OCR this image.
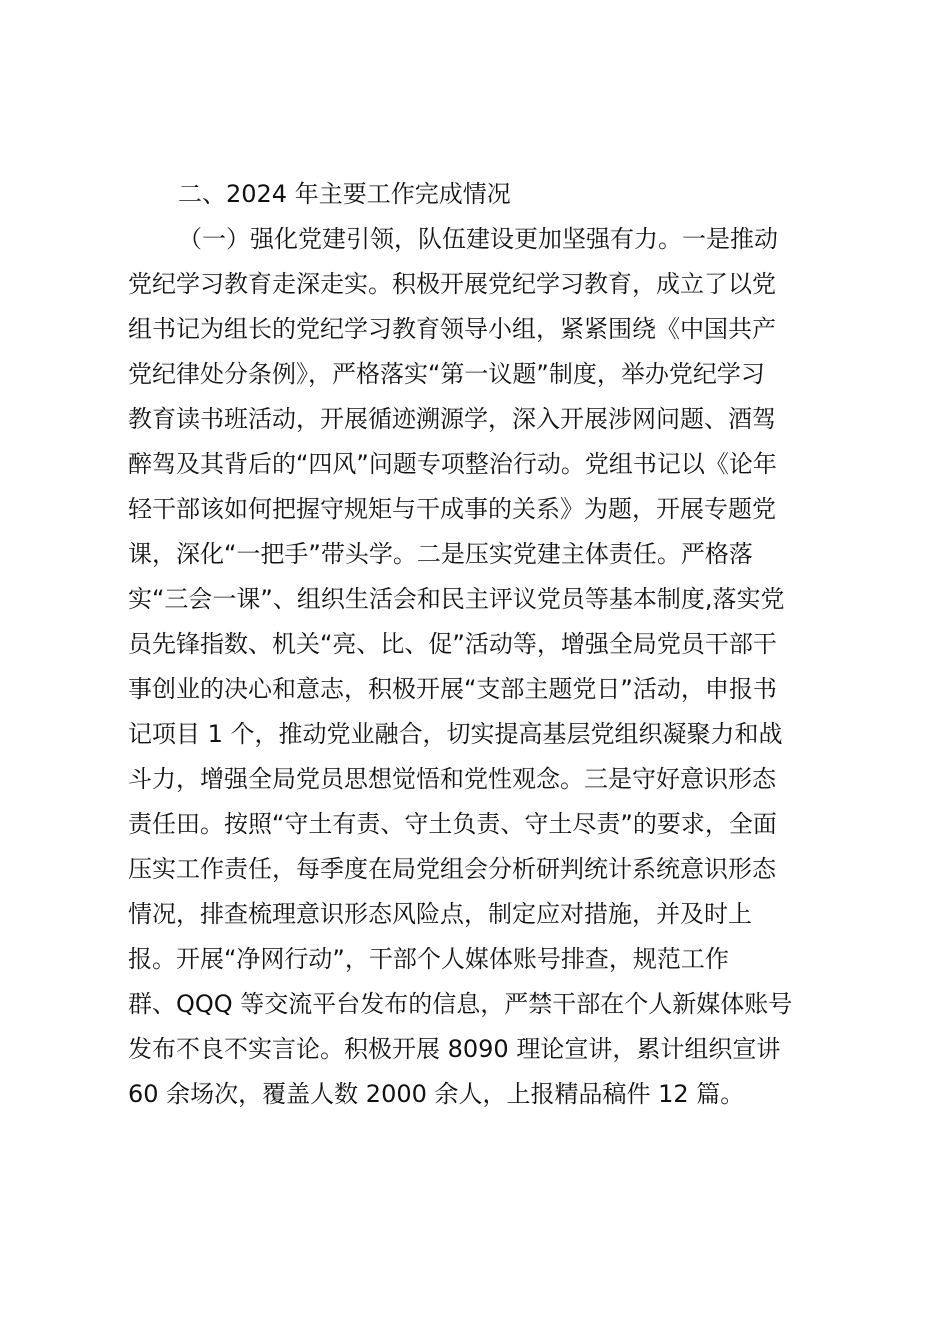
二、2024 年主要工作完成情况
（一）强化党建引领，队伍建设更加坚强有力。一是推动
党纪学习教育走深走实。积极开展党纪学习教育，成立了以党
组书记为组长的党纪学习教育领导小组，紧紧围绕《中国共产
党纪律处分条例》，严格落实“第一议题”制度，举办党纪学习
教育读书班活动，开展循迹溯源学，深入开展涉网问题、酒驾
醉驾及其背后的“四风”问题专项整治行动。党组书记以《论年
轻干部该如何把握守规矩与干成事的关系》为题，开展专题党
课，深化“一把手”带头学。二是压实党建主体责任。严格落
实“三会一课”、组织生活会和民主评议党员等基本制度,落实党
员先锋指数、机关“亮、比、促”活动等，增强全局党员干部干
事创业的决心和意志，积极开展“支部主题党日”活动，申报书
记项目 1 个，推动党业融合，切实提高基层党组织凝聚力和战
斗力，增强全局党员思想觉悟和党性观念。三是守好意识形态
责任田。按照“守土有责、守土负责、守土尽责”的要求，全面
压实工作责任，每季度在局党组会分析研判统计系统意识形态
情况，排查梳理意识形态风险点，制定应对措施，并及时上
报。开展“净网行动”，干部个人媒体账号排查，规范工作
群、QQQ 等交流平台发布的信息，严禁干部在个人新媒体账号
发布不良不实言论。积极开展 8090 理论宣讲，累计组织宣讲
60 余场次，覆盖人数 2000 余人，上报精品稿件 12 篇。
